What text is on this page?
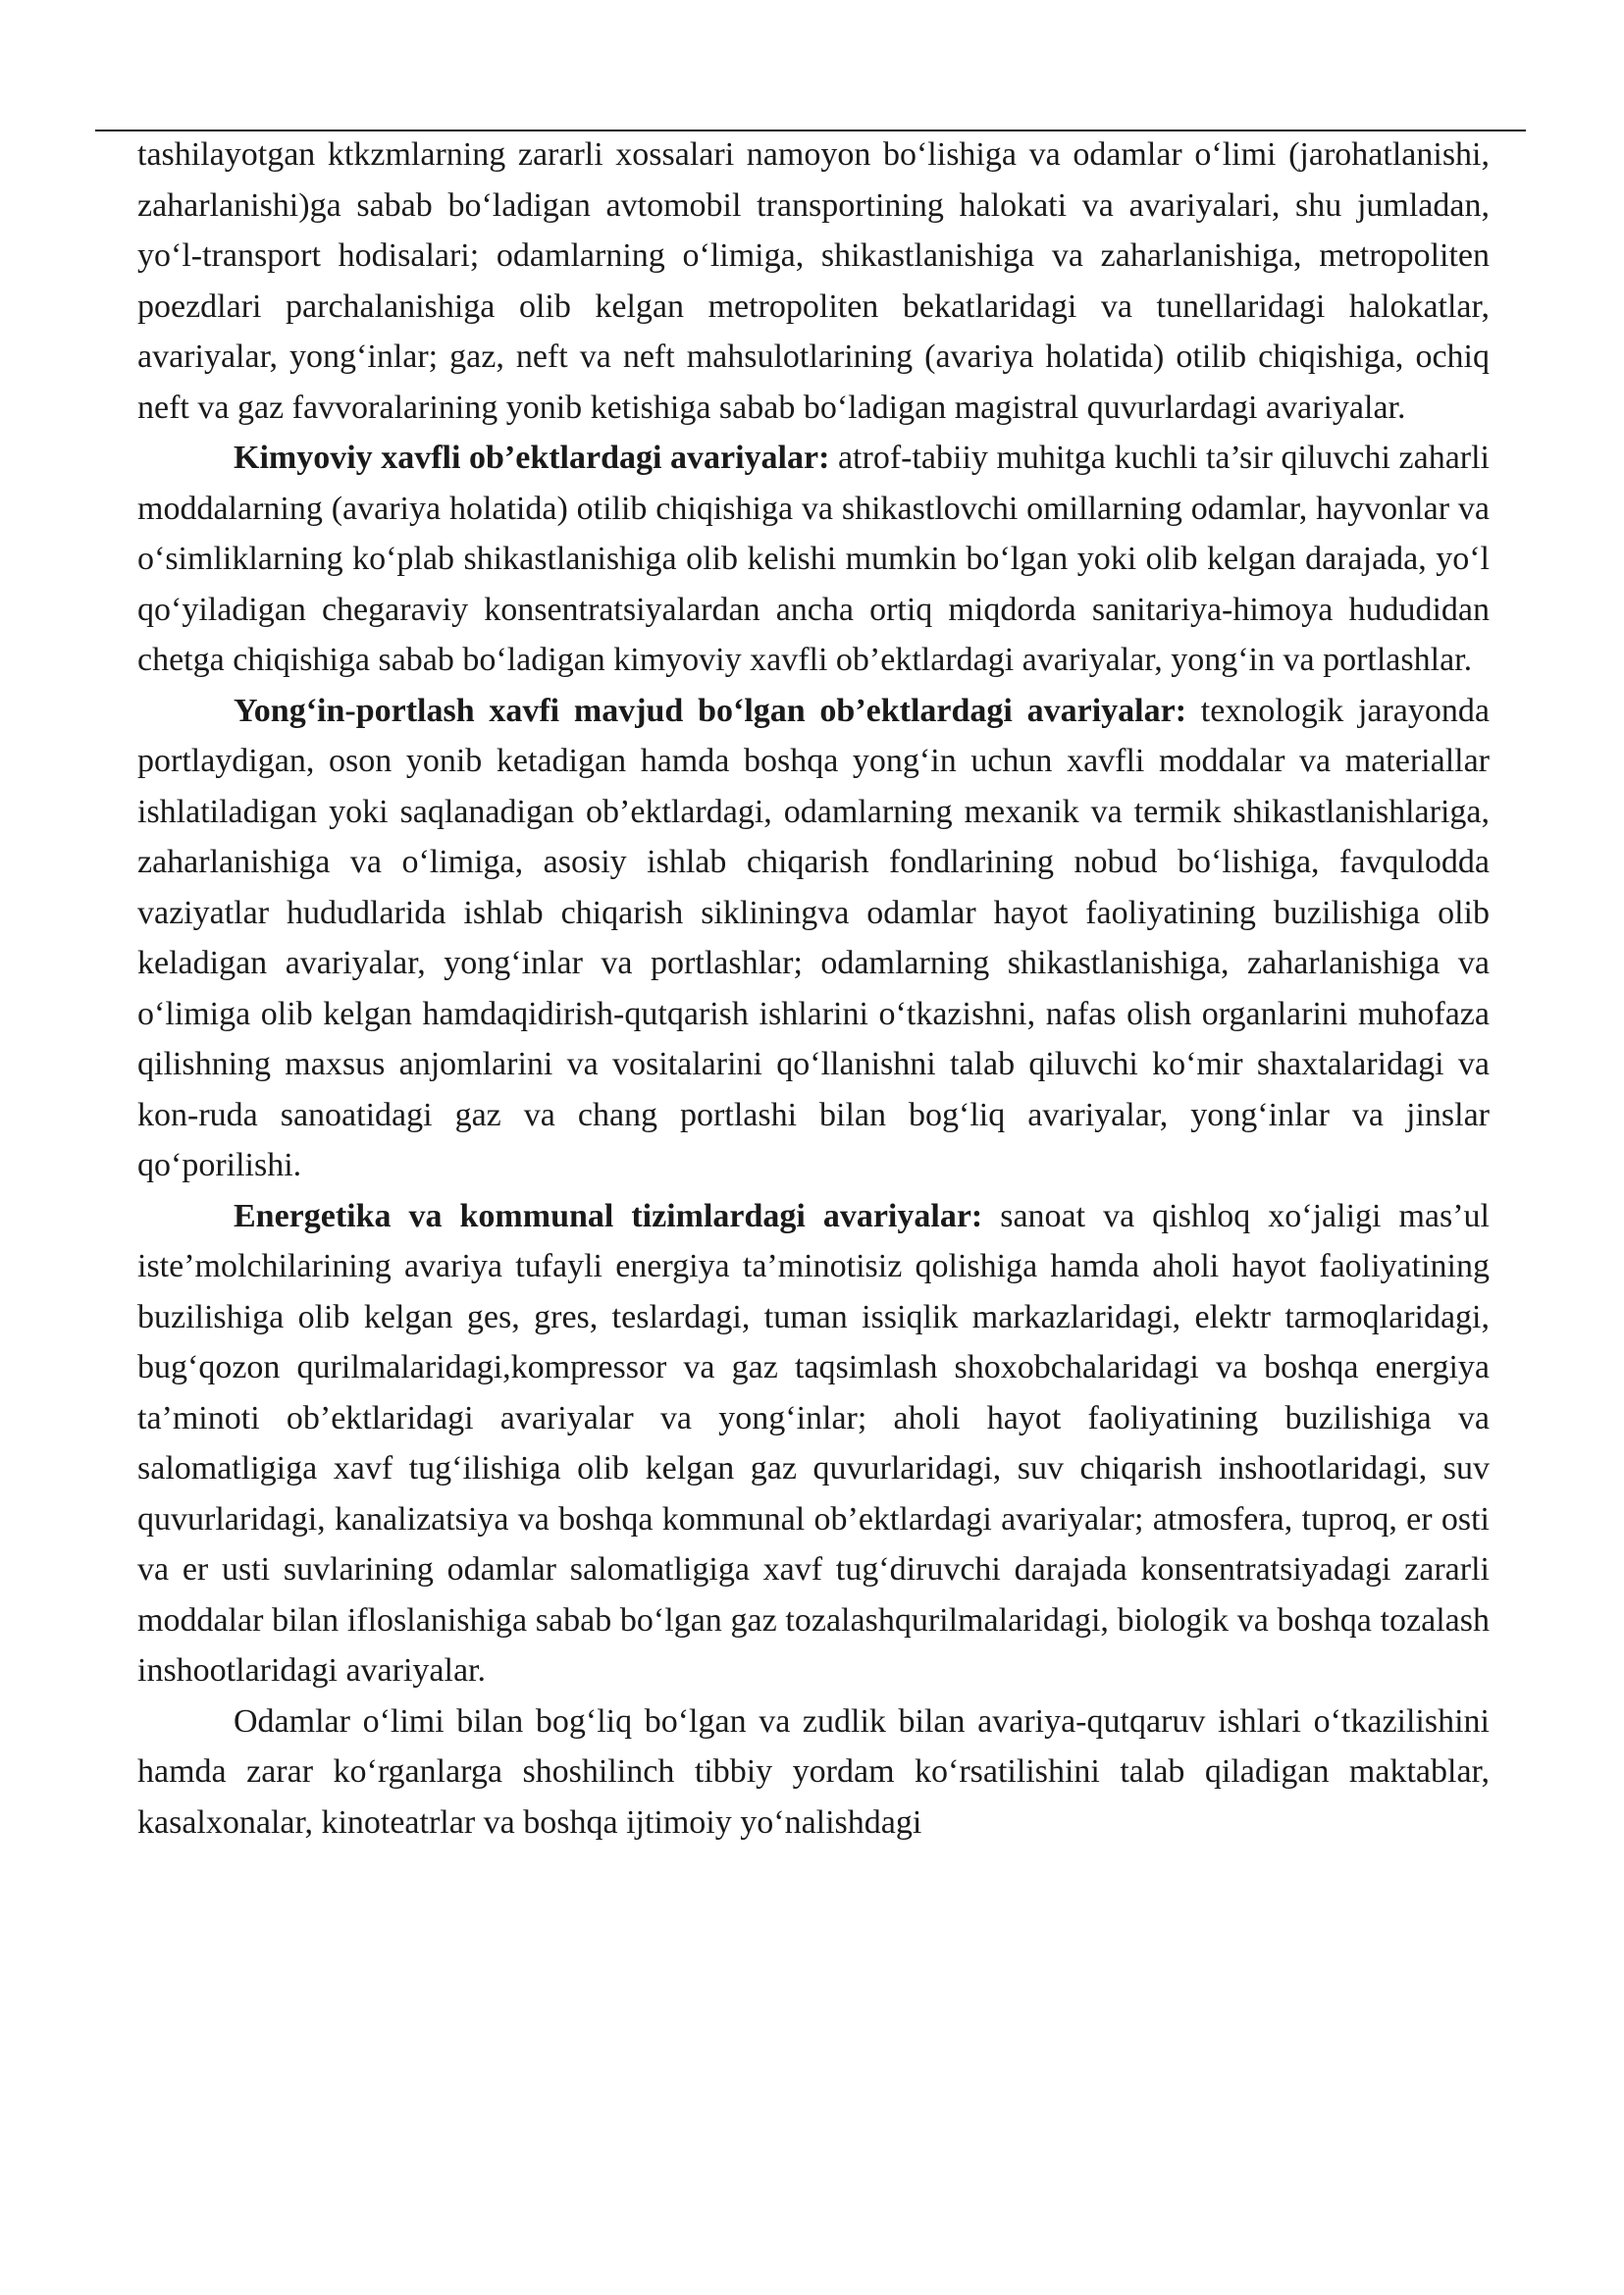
tashilayotgan ktkzmlarning zararli xossalari namoyon bo‘lishiga va odamlar o‘limi (jarohatlanishi, zaharlanishi)ga sabab bo‘ladigan avtomobil transportining halokati va avariyalari, shu jumladan, yo‘l-transport hodisalari; odamlarning o‘limiga, shikastlanishiga va zaharlanishiga, metropoliten poezdlari parchalanishiga olib kelgan metropoliten bekatlaridagi va tunellaridagi halokatlar, avariyalar, yong‘inlar; gaz, neft va neft mahsulotlarining (avariya holatida) otilib chiqishiga, ochiq neft va gaz favvoralarining yonib ketishiga sabab bo‘ladigan magistral quvurlardagi avariyalar.

Kimyoviy xavfli ob’ektlardagi avariyalar: atrof-tabiiy muhitga kuchli ta’sir qiluvchi zaharli moddalarning (avariya holatida) otilib chiqishiga va shikastlovchi omillarning odamlar, hayvonlar va o‘simliklarning ko‘plab shikastlanishiga olib kelishi mumkin bo‘lgan yoki olib kelgan darajada, yo‘l qo‘yiladigan chegaraviy konsentratsiyalardan ancha ortiq miqdorda sanitariya-himoya hududidan chetga chiqishiga sabab bo‘ladigan kimyoviy xavfli ob’ektlardagi avariyalar, yong‘in va portlashlar.

Yong‘in-portlash xavfi mavjud bo‘lgan ob’ektlardagi avariyalar: texnologik jarayonda portlaydigan, oson yonib ketadigan hamda boshqa yong‘in uchun xavfli moddalar va materiallar ishlatiladigan yoki saqlanadigan ob’ektlardagi, odamlarning mexanik va termik shikastlanishlariga, zaharlanishiga va o‘limiga, asosiy ishlab chiqarish fondlarining nobud bo‘lishiga, favqulodda vaziyatlar hududlarida ishlab chiqarish sikliningva odamlar hayot faoliyatining buzilishiga olib keladigan avariyalar, yong‘inlar va portlashlar; odamlarning shikastlanishiga, zaharlanishiga va o‘limiga olib kelgan hamdaqidirish-qutqarish ishlarini o‘tkazishni, nafas olish organlarini muhofaza qilishning maxsus anjomlarini va vositalarini qo‘llanishni talab qiluvchi ko‘mir shaxtalaridagi va kon-ruda sanoatidagi gaz va chang portlashi bilan bog‘liq avariyalar, yong‘inlar va jinslar qo‘porilishi.

Energetika va kommunal tizimlardagi avariyalar: sanoat va qishloq xo‘jaligi mas’ul iste’molchilarining avariya tufayli energiya ta’minotisiz qolishiga hamda aholi hayot faoliyatining buzilishiga olib kelgan ges, gres, teslardagi, tuman issiqlik markazlaridagi, elektr tarmoqlaridagi, bug‘qozon qurilmalaridagi,kompressor va gaz taqsimlash shoxobchalaridagi va boshqa energiya ta’minoti ob’ektlaridagi avariyalar va yong‘inlar; aholi hayot faoliyatining buzilishiga va salomatligiga xavf tug‘ilishiga olib kelgan gaz quvurlaridagi, suv chiqarish inshootlaridagi, suv quvurlaridagi, kanalizatsiya va boshqa kommunal ob’ektlardagi avariyalar; atmosfera, tuproq, er osti va er usti suvlarining odamlar salomatligiga xavf tug‘diruvchi darajada konsentratsiyadagi zararli moddalar bilan ifloslanishiga sabab bo‘lgan gaz tozalashqurilmalaridagi, biologik va boshqa tozalash inshootlaridagi avariyalar.

Odamlar o‘limi bilan bog‘liq bo‘lgan va zudlik bilan avariya-qutqaruv ishlari o‘tkazilishini hamda zarar ko‘rganlarga shoshilinch tibbiy yordam ko‘rsatilishini talab qiladigan maktablar, kasalxonalar, kinoteatrlar va boshqa ijtimoiy yo‘nalishdagi
